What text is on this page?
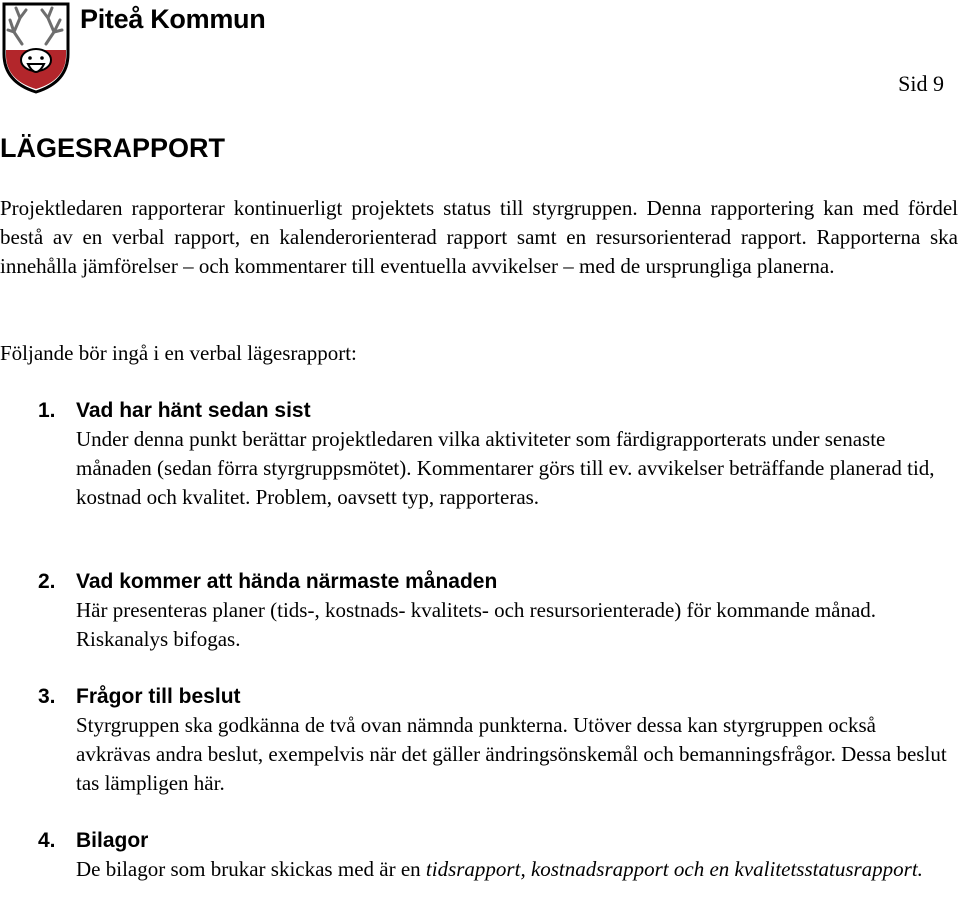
Piteå Kommun
Sid 9
LÄGESRAPPORT

Projektledaren rapporterar kontinuerligt projektets status till styrgruppen. Denna rapportering kan med fördel bestå av en verbal rapport, en kalenderorienterad rapport samt en resursorienterad rapport. Rapporterna ska innehålla jämförelser – och kommentarer till eventuella avvikelser – med de ursprungliga planerna.

Följande bör ingå i en verbal lägesrapport:

1. Vad har hänt sedan sist

Under denna punkt berättar projektledaren vilka aktiviteter som färdigrapporterats under senaste månaden (sedan förra styrgruppsmötet). Kommentarer görs till ev. avvikelser beträffande planerad tid, kostnad och kvalitet. Problem, oavsett typ, rapporteras.

2. Vad kommer att hända närmaste månaden

Här presenteras planer (tids-, kostnads- kvalitets- och resursorienterade) för kommande månad. Riskanalys bifogas.

3. Frågor till beslut

Styrgruppen ska godkänna de två ovan nämnda punkterna. Utöver dessa kan styrgruppen också avkrävas andra beslut, exempelvis när det gäller ändringsönskemål och bemanningsfrågor. Dessa beslut tas lämpligen här.

4. Bilagor

De bilagor som brukar skickas med är en tidsrapport, kostnadsrapport och en kvalitetsstatusrapport.
